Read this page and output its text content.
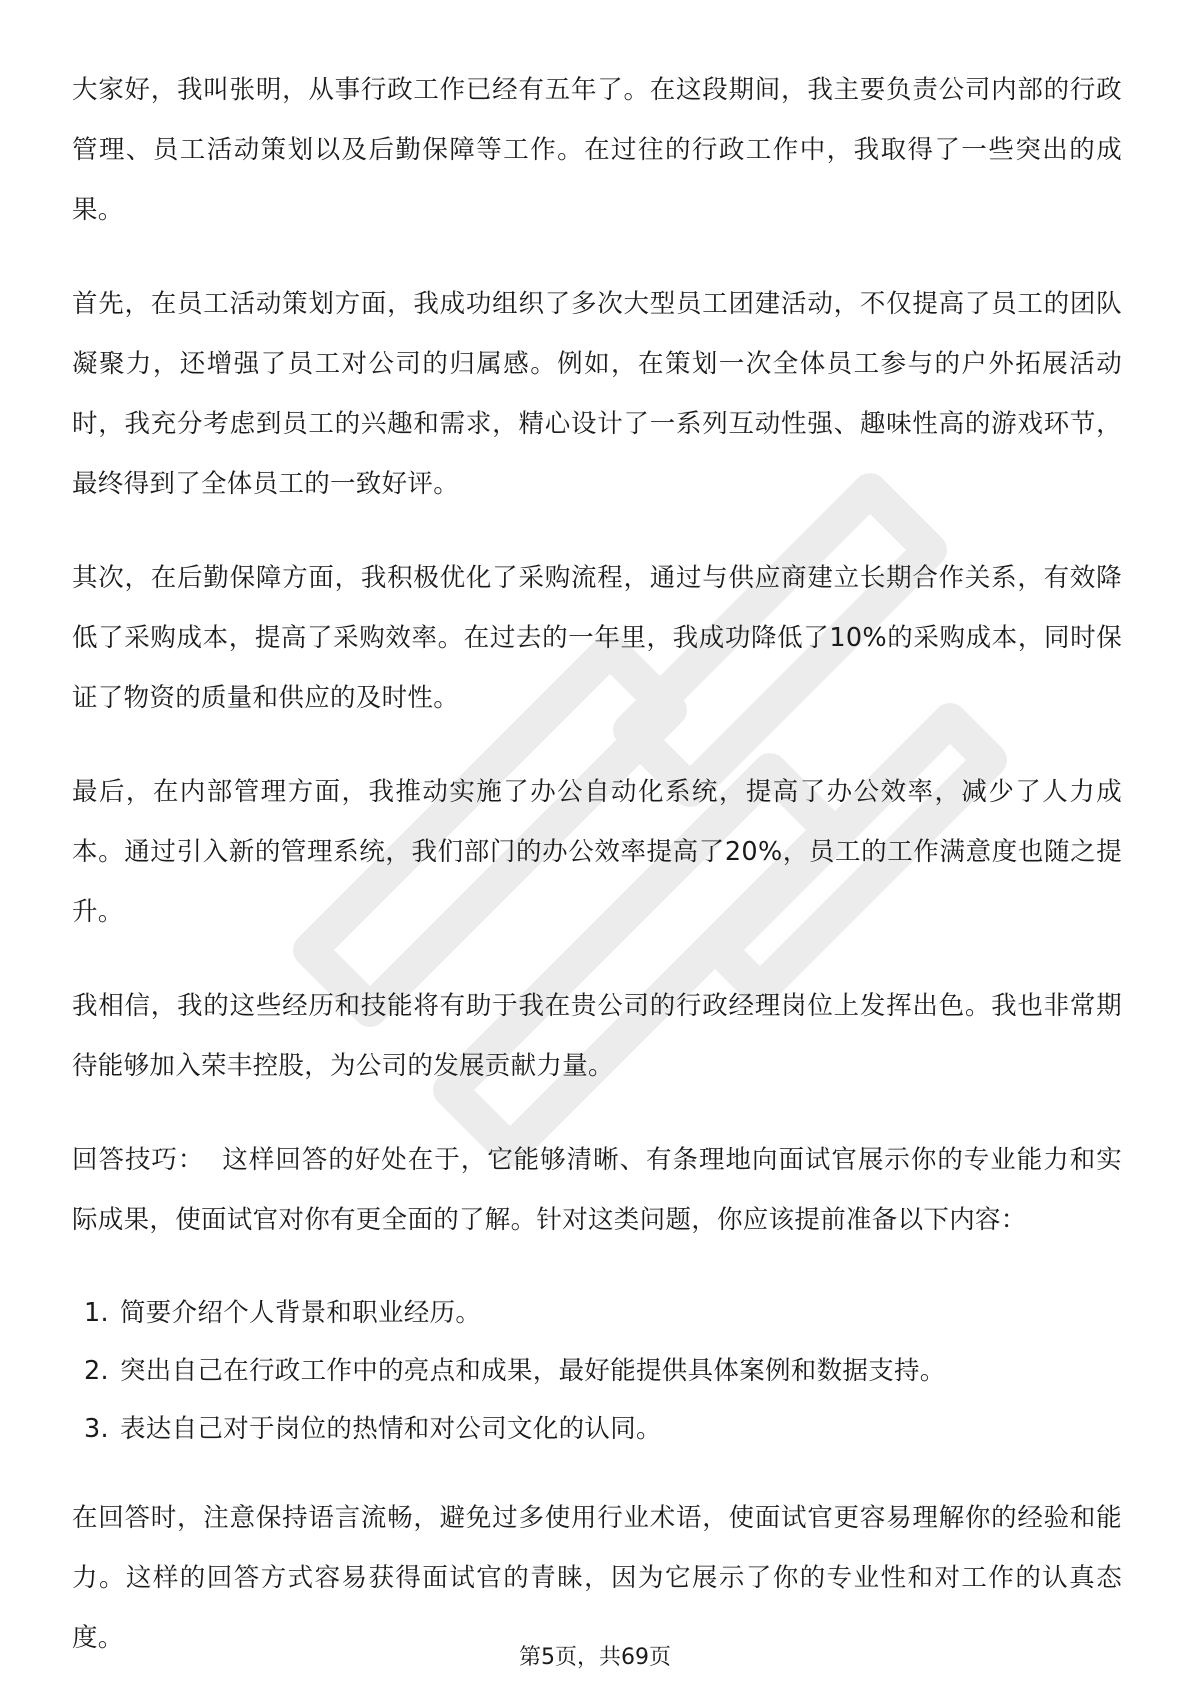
大家好，我叫张明，从事行政工作已经有五年了。在这段期间，我主要负责公司内部的行政管理、员工活动策划以及后勤保障等工作。在过往的行政工作中，我取得了一些突出的成果。

首先，在员工活动策划方面，我成功组织了多次大型员工团建活动，不仅提高了员工的团队凝聚力，还增强了员工对公司的归属感。例如，在策划一次全体员工参与的户外拓展活动时，我充分考虑到员工的兴趣和需求，精心设计了一系列互动性强、趣味性高的游戏环节，最终得到了全体员工的一致好评。

其次，在后勤保障方面，我积极优化了采购流程，通过与供应商建立长期合作关系，有效降低了采购成本，提高了采购效率。在过去的一年里，我成功降低了10%的采购成本，同时保证了物资的质量和供应的及时性。

最后，在内部管理方面，我推动实施了办公自动化系统，提高了办公效率，减少了人力成本。通过引入新的管理系统，我们部门的办公效率提高了20%，员工的工作满意度也随之提升。

我相信，我的这些经历和技能将有助于我在贵公司的行政经理岗位上发挥出色。我也非常期待能够加入荣丰控股，为公司的发展贡献力量。

回答技巧： 这样回答的好处在于，它能够清晰、有条理地向面试官展示你的专业能力和实际成果，使面试官对你有更全面的了解。针对这类问题，你应该提前准备以下内容：

1. 简要介绍个人背景和职业经历。
2. 突出自己在行政工作中的亮点和成果，最好能提供具体案例和数据支持。
3. 表达自己对于岗位的热情和对公司文化的认同。

在回答时，注意保持语言流畅，避免过多使用行业术语，使面试官更容易理解你的经验和能力。这样的回答方式容易获得面试官的青睐，因为它展示了你的专业性和对工作的认真态度。

第5页，共69页
